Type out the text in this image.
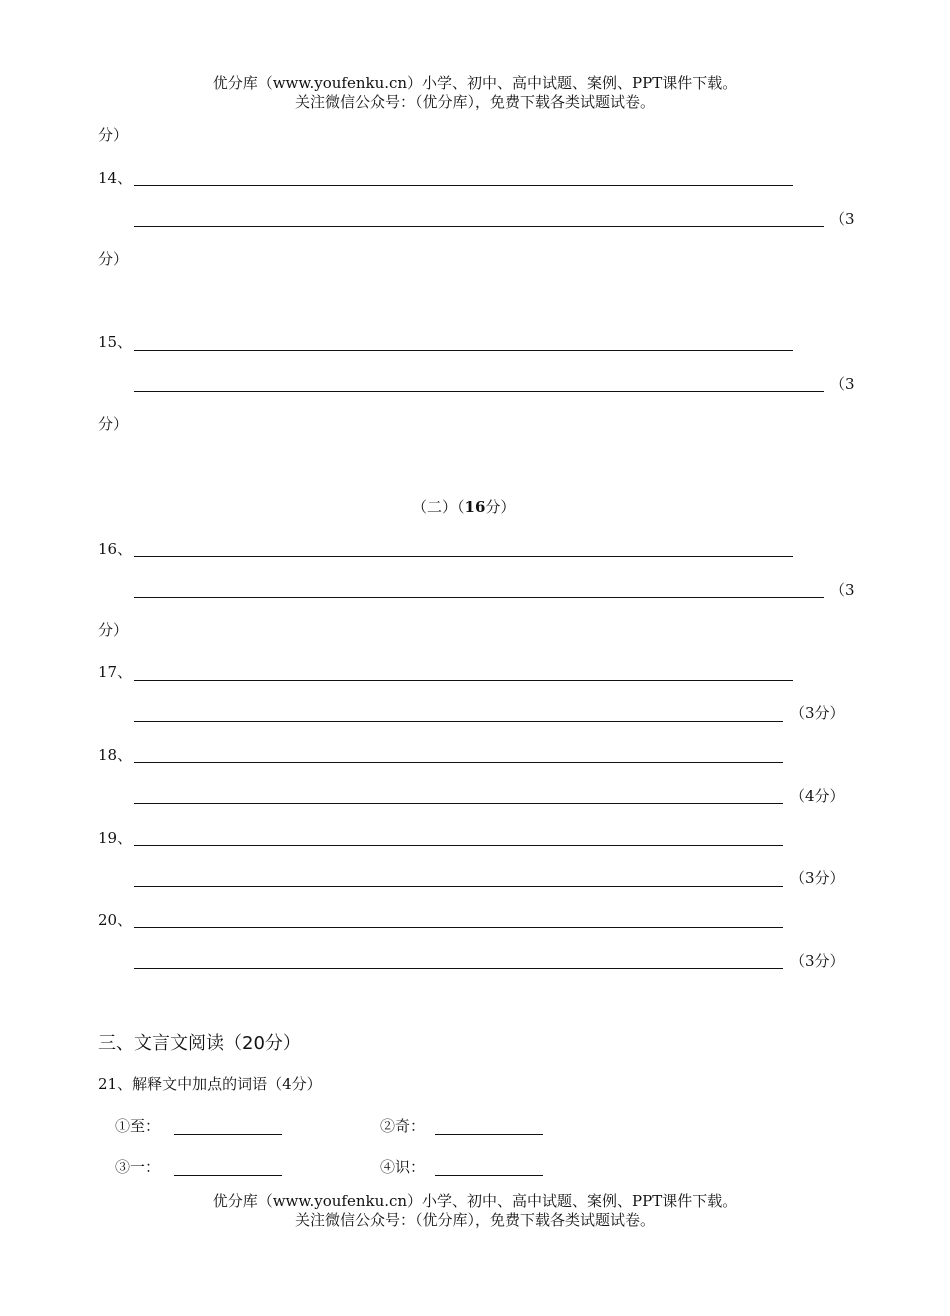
优分库（www.youfenku.cn）小学、初中、高中试题、案例、PPT课件下载。
关注微信公众号：（优分库），免费下载各类试题试卷。
分）
14、
（3
分）
15、
（3
分）
（二）（16分）
16、
（3
分）
17、
（3分）
18、
（4分）
19、
（3分）
20、
（3分）
三、文言文阅读（20分）
21、解释文中加点的词语（4分）
①至：	②奇：
③一：	④识：
优分库（www.youfenku.cn）小学、初中、高中试题、案例、PPT课件下载。
关注微信公众号：（优分库），免费下载各类试题试卷。
